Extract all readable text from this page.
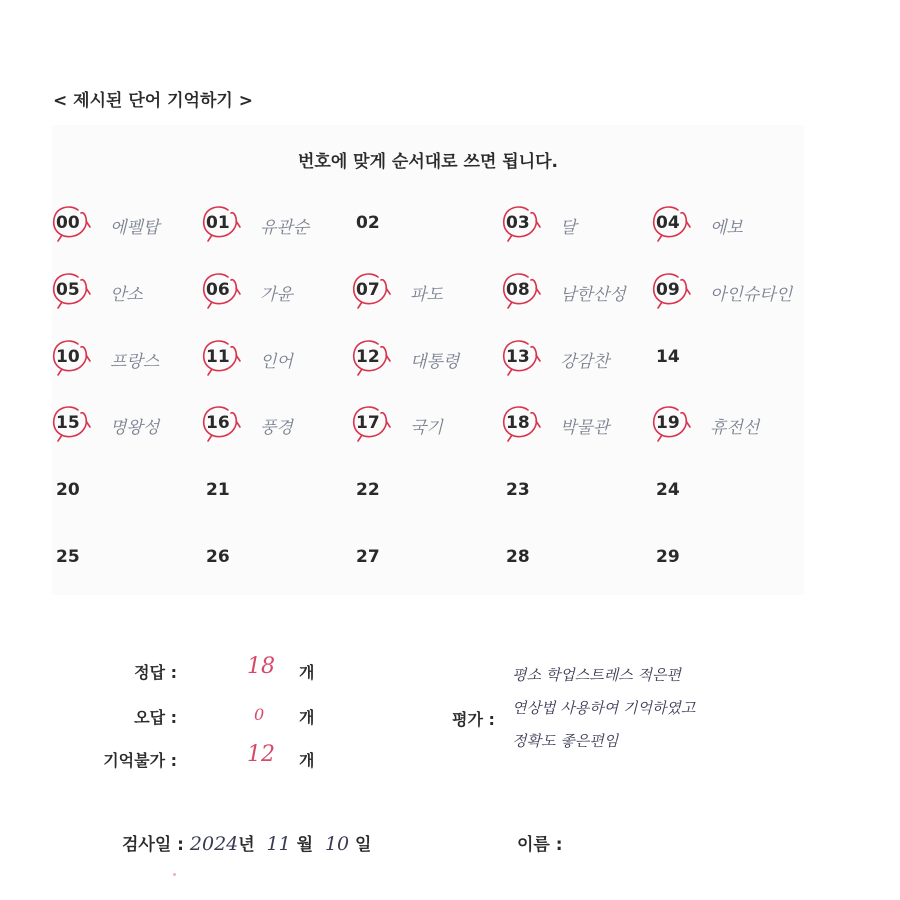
< 제시된 단어 기억하기 >
번호에 맞게 순서대로 쓰면 됩니다.
00 에펠탑	01 유관순	02	03 달	04 에보
05 안소	06 가윤	07 파도	08 남한산성 09 아인슈타인
10 프랑스	11 인어	12 대통령	13 강감찬	14
15 명왕성	16 풍경	17 국기	18 박물관	19 휴전선
20	21	22	23	24
25	26	27	28	29
정답 :	18 개
오답 :	0 개
기억불가 :	12 개
평가 :
평소 학업스트레스 적은편
연상법 사용하여 기억하였고
정확도 좋은편임
검사일 : 2024년 11 월 10 일	이름 :
